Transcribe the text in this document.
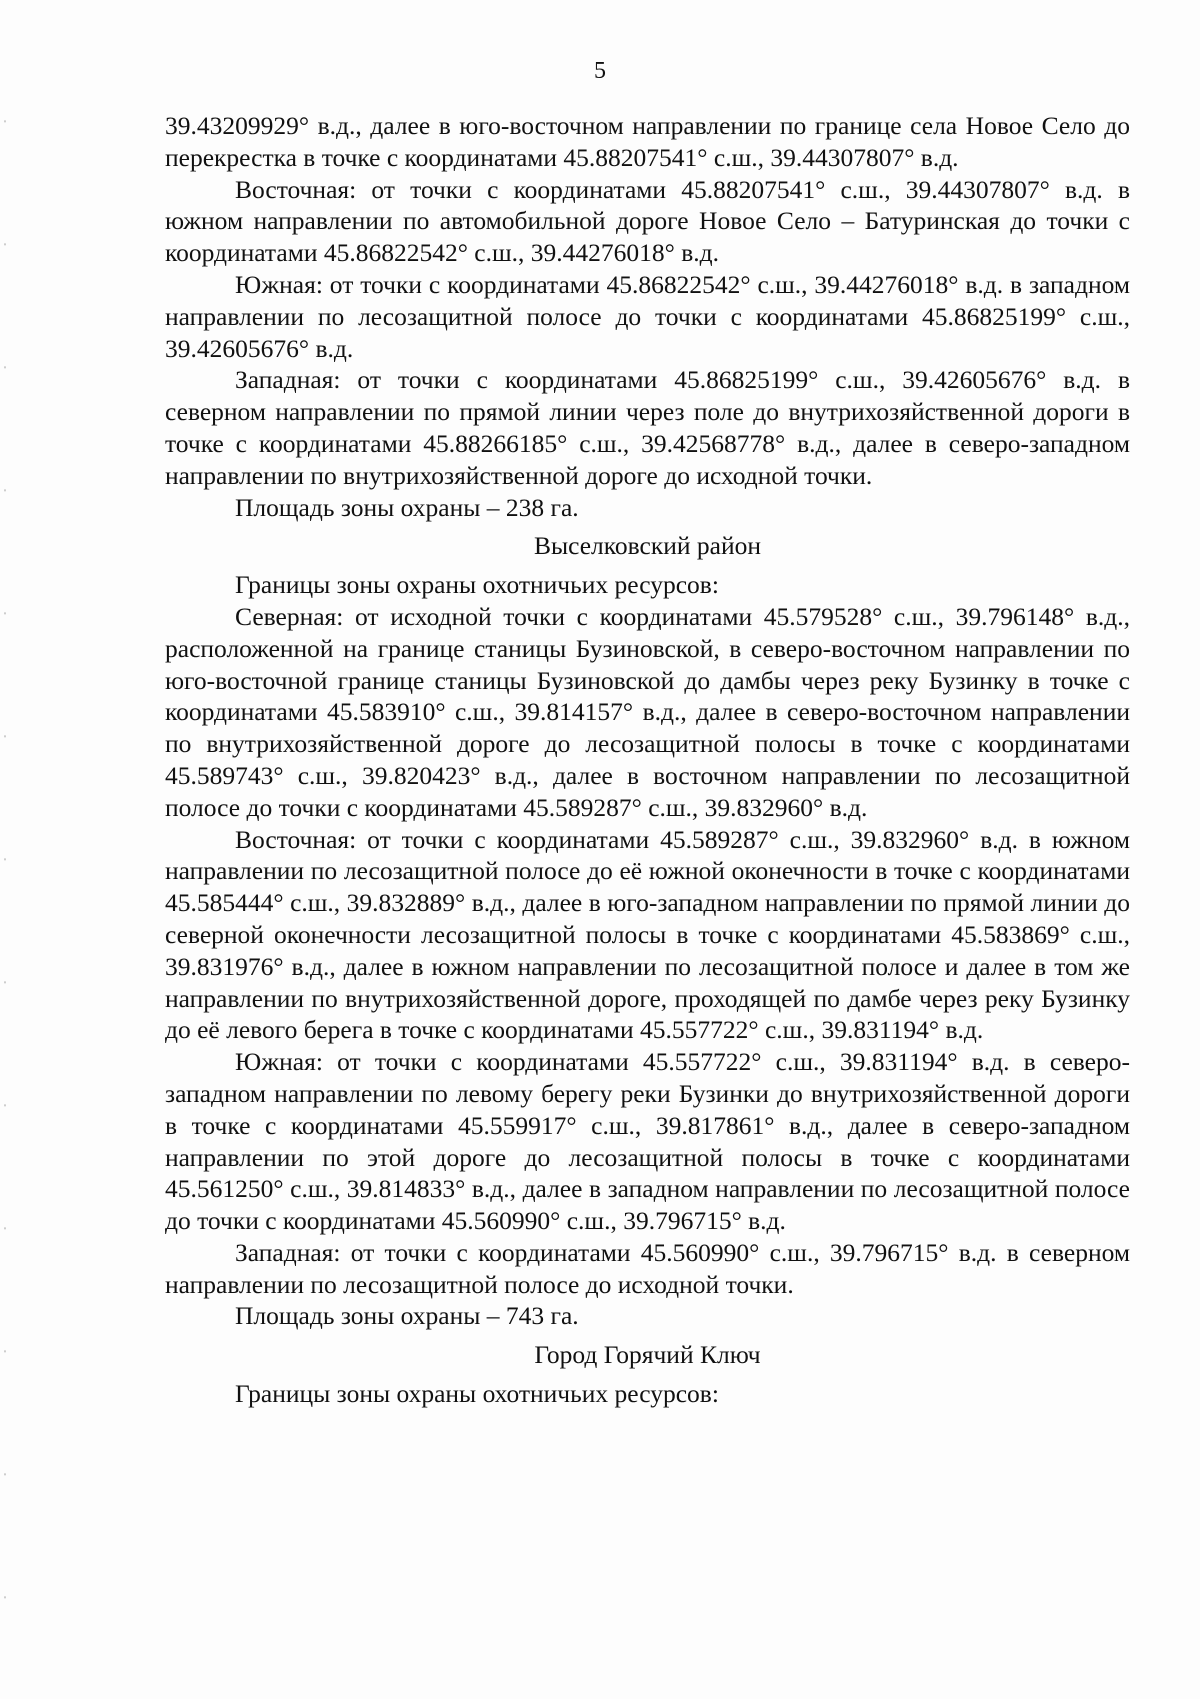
5

39.43209929° в.д., далее в юго-восточном направлении по границе села Новое Село до перекрестка в точке с координатами 45.88207541° с.ш., 39.44307807° в.д.

Восточная: от точки с координатами 45.88207541° с.ш., 39.44307807° в.д. в южном направлении по автомобильной дороге Новое Село – Батуринская до точки с координатами 45.86822542° с.ш., 39.44276018° в.д.

Южная: от точки с координатами 45.86822542° с.ш., 39.44276018° в.д. в западном направлении по лесозащитной полосе до точки с координатами 45.86825199° с.ш., 39.42605676° в.д.

Западная: от точки с координатами 45.86825199° с.ш., 39.42605676° в.д. в северном направлении по прямой линии через поле до внутрихозяйственной дороги в точке с координатами 45.88266185° с.ш., 39.42568778° в.д., далее в северо-западном направлении по внутрихозяйственной дороге до исходной точки.

Площадь зоны охраны – 238 га.

Выселковский район

Границы зоны охраны охотничьих ресурсов:

Северная: от исходной точки с координатами 45.579528° с.ш., 39.796148° в.д., расположенной на границе станицы Бузиновской, в северо-восточном направлении по юго-восточной границе станицы Бузиновской до дамбы через реку Бузинку в точке с координатами 45.583910° с.ш., 39.814157° в.д., далее в северо-восточном направлении по внутрихозяйственной дороге до лесозащитной полосы в точке с координатами 45.589743° с.ш., 39.820423° в.д., далее в восточном направлении по лесозащитной полосе до точки с координатами 45.589287° с.ш., 39.832960° в.д.

Восточная: от точки с координатами 45.589287° с.ш., 39.832960° в.д. в южном направлении по лесозащитной полосе до её южной оконечности в точке с координатами 45.585444° с.ш., 39.832889° в.д., далее в юго-западном направлении по прямой линии до северной оконечности лесозащитной полосы в точке с координатами 45.583869° с.ш., 39.831976° в.д., далее в южном направлении по лесозащитной полосе и далее в том же направлении по внутрихозяйственной дороге, проходящей по дамбе через реку Бузинку до её левого берега в точке с координатами 45.557722° с.ш., 39.831194° в.д.

Южная: от точки с координатами 45.557722° с.ш., 39.831194° в.д. в северо-западном направлении по левому берегу реки Бузинки до внутрихозяйственной дороги в точке с координатами 45.559917° с.ш., 39.817861° в.д., далее в северо-западном направлении по этой дороге до лесозащитной полосы в точке с координатами 45.561250° с.ш., 39.814833° в.д., далее в западном направлении по лесозащитной полосе до точки с координатами 45.560990° с.ш., 39.796715° в.д.

Западная: от точки с координатами 45.560990° с.ш., 39.796715° в.д. в северном направлении по лесозащитной полосе до исходной точки.

Площадь зоны охраны – 743 га.

Город Горячий Ключ

Границы зоны охраны охотничьих ресурсов:
